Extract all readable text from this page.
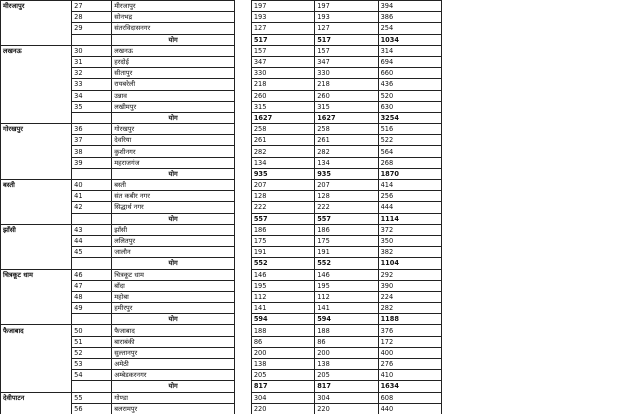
मीरजापुर	27	मीरजापुर		197	197	394
	28	सोनभद्र		193	193	386
	29	संतरविदासनगर		127	127	254
		योग		517	517	1034
लखनऊ	30	लखनऊ		157	157	314
	31	हरदोई		347	347	694
	32	सीतापुर		330	330	660
	33	रायबरेली		218	218	436
	34	उन्नाव		260	260	520
	35	लखीमपुर		315	315	630
		योग		1627	1627	3254
गोरखपुर	36	गोरखपुर		258	258	516
	37	देवरिया		261	261	522
	38	कुशीनगर		282	282	564
	39	महराजगंज		134	134	268
		योग		935	935	1870
बस्ती	40	बस्ती		207	207	414
	41	संत कबीर नगर		128	128	256
	42	सिद्धार्थ नगर		222	222	444
		योग		557	557	1114
झाँसी	43	झाँसी		186	186	372
	44	ललितपुर		175	175	350
	45	जालौन		191	191	382
		योग		552	552	1104
चित्रकूट धाम	46	चित्रकूट धाम		146	146	292
	47	बाँदा		195	195	390
	48	महोबा		112	112	224
	49	हमीरपुर		141	141	282
		योग		594	594	1188
फैजाबाद	50	फैजाबाद		188	188	376
	51	बाराबंकी		86	86	172
	52	सुल्तानपुर		200	200	400
	53	अमेठी		138	138	276
	54	अम्बेडकरनगर		205	205	410
		योग		817	817	1634
देवीपाटन	55	गोण्डा		304	304	608
	56	बलरामपुर		220	220	440
